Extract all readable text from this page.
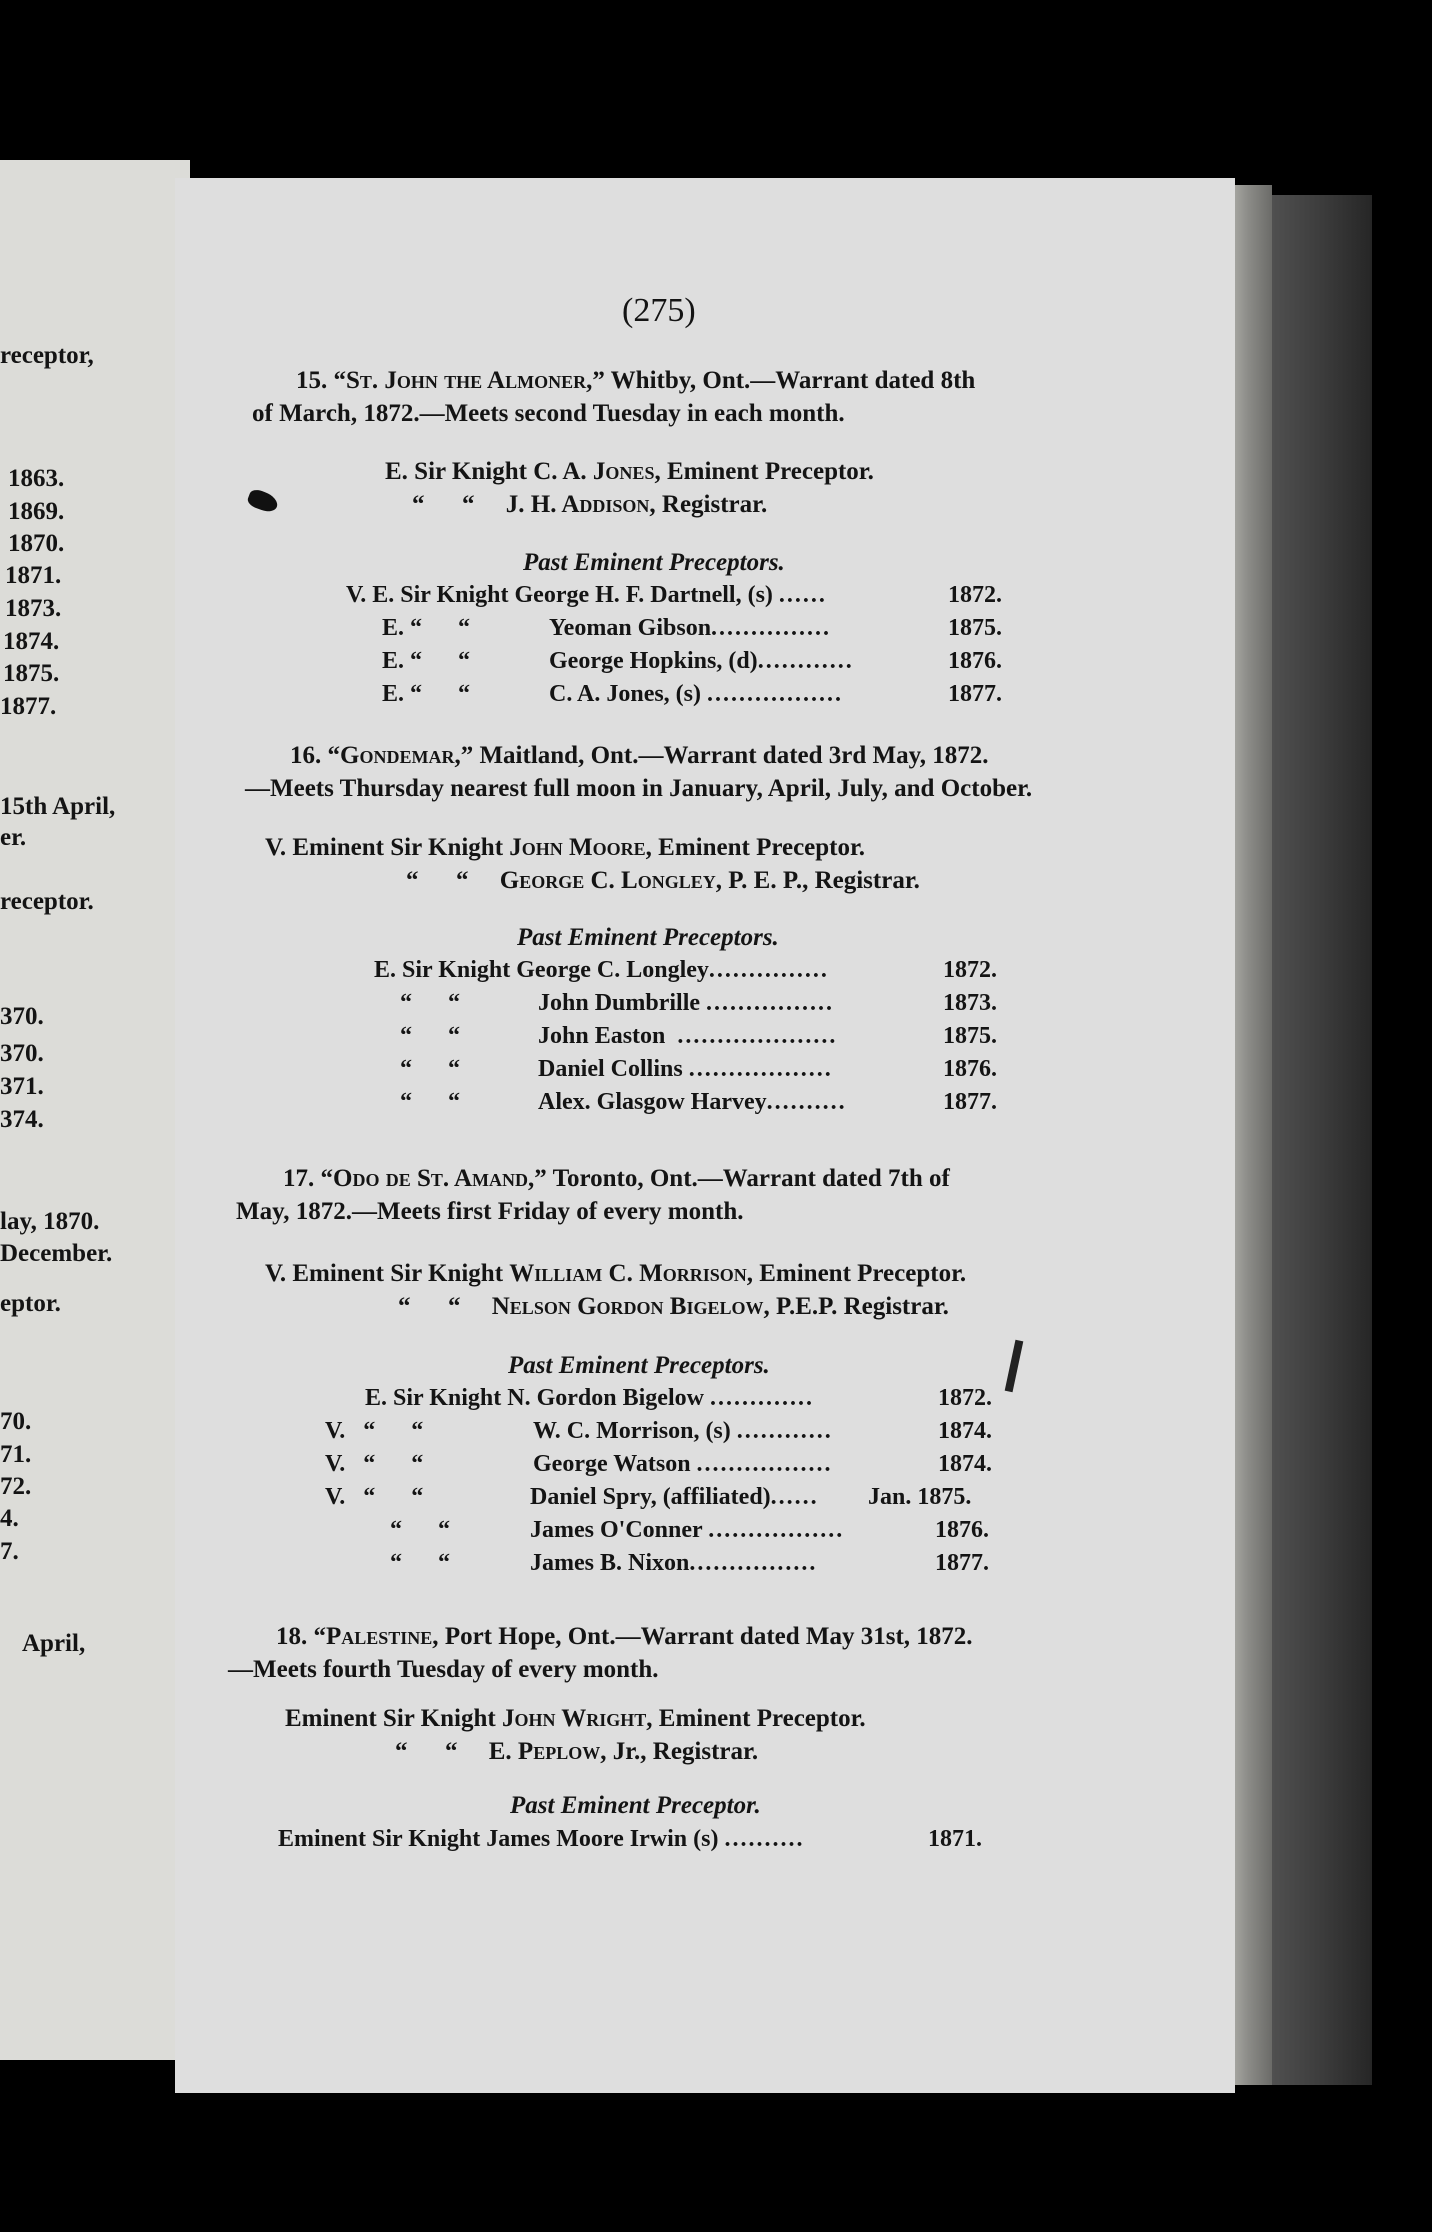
receptor,
1863.
1869.
1870.
1871.
1873.
1874.
1875.
1877.
15th April,
er.
receptor.
370.
370.
371.
374.
lay, 1870.
December.
eptor.
70.
71.
72.
4.
7.
April,
(275)
15. “St. John the Almoner,” Whitby, Ont.—Warrant dated 8th
of March, 1872.—Meets second Tuesday in each month.
E. Sir Knight C. A. Jones, Eminent Preceptor.
“      “ J. H. Addison, Registrar.
Past Eminent Preceptors.
V. E. Sir Knight George H. F. Dartnell, (s) ......	1872.
E. “      “	Yeoman Gibson...............	1875.
E. “      “	George Hopkins, (d)............	1876.
E. “      “	C. A. Jones, (s) .................	1877.
16. “Gondemar,” Maitland, Ont.—Warrant dated 3rd May, 1872.
—Meets Thursday nearest full moon in January, April, July, and October.
V. Eminent Sir Knight John Moore, Eminent Preceptor.
“      “ George C. Longley, P. E. P., Registrar.
Past Eminent Preceptors.
E. Sir Knight George C. Longley...............	1872.
“      “	John Dumbrille ................	1873.
“      “	John Easton ....................	1875.
“      “	Daniel Collins ..................	1876.
“      “	Alex. Glasgow Harvey..........	1877.
17. “Odo de St. Amand,” Toronto, Ont.—Warrant dated 7th of
May, 1872.—Meets first Friday of every month.
V. Eminent Sir Knight William C. Morrison, Eminent Preceptor.
“      “ Nelson Gordon Bigelow, P.E.P. Registrar.
Past Eminent Preceptors.
E. Sir Knight N. Gordon Bigelow .............	1872.
V.   “      “	W. C. Morrison, (s) ............	1874.
V.   “      “	George Watson .................	1874.
V.   “      “	Daniel Spry, (affiliated)...... Jan. 1875.
“      “	James O'Conner .................	1876.
“      “	James B. Nixon................	1877.
18. “Palestine, Port Hope, Ont.—Warrant dated May 31st, 1872.
—Meets fourth Tuesday of every month.
Eminent Sir Knight John Wright, Eminent Preceptor.
“      “ E. Peplow, Jr., Registrar.
Past Eminent Preceptor.
Eminent Sir Knight James Moore Irwin (s) ..........	1871.
